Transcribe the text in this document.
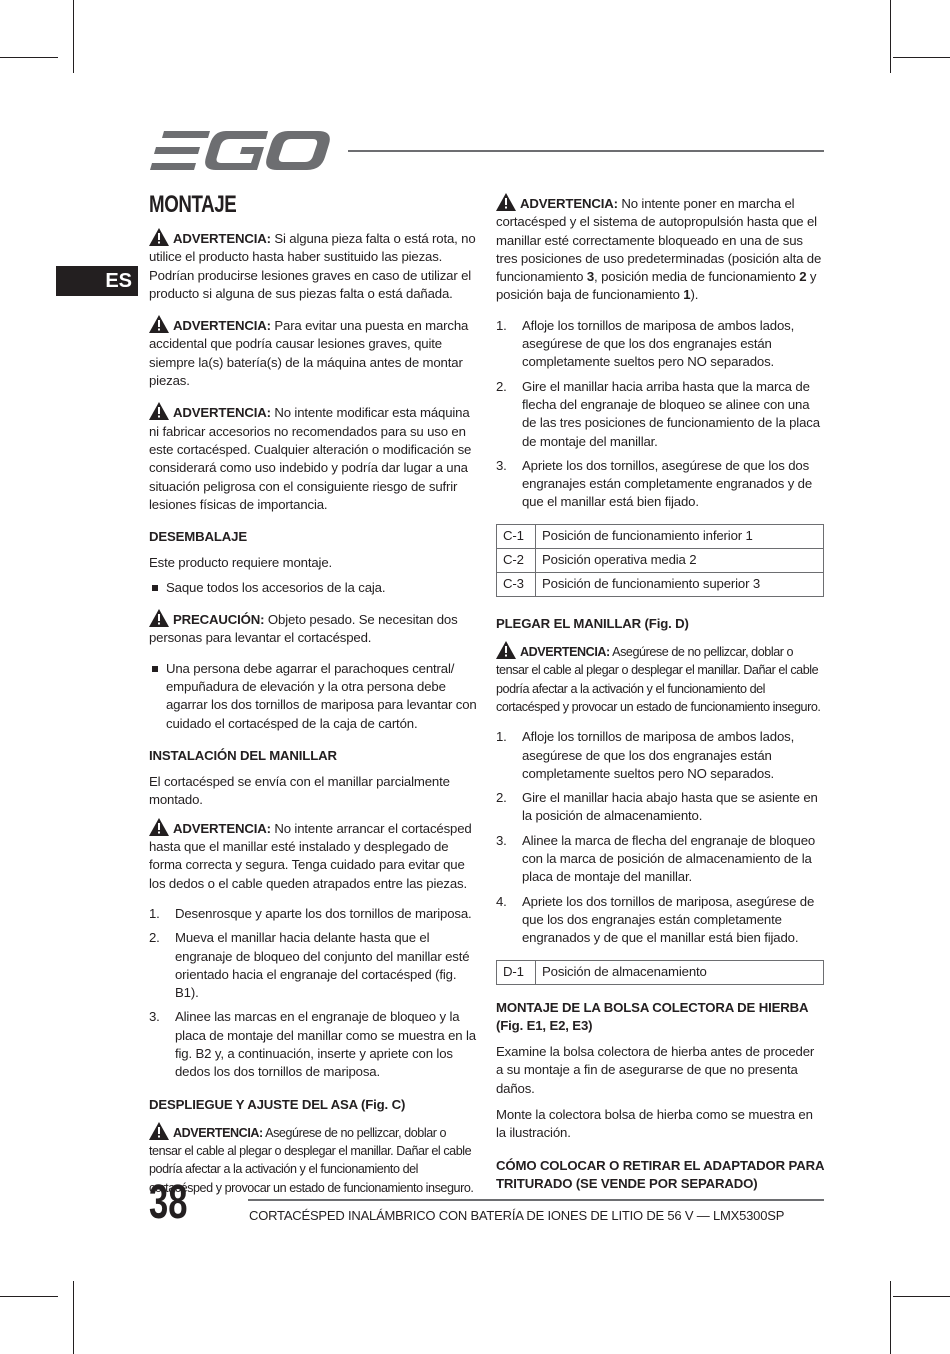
ES
MONTAJE

ADVERTENCIA: Si alguna pieza falta o está rota, no utilice el producto hasta haber sustituido las piezas. Podrían producirse lesiones graves en caso de utilizar el producto si alguna de sus piezas falta o está dañada.

ADVERTENCIA: Para evitar una puesta en marcha accidental que podría causar lesiones graves, quite siempre la(s) batería(s) de la máquina antes de montar piezas.

ADVERTENCIA: No intente modificar esta máquina ni fabricar accesorios no recomendados para su uso en este cortacésped. Cualquier alteración o modificación se considerará como uso indebido y podría dar lugar a una situación peligrosa con el consiguiente riesgo de sufrir lesiones físicas de importancia.

DESEMBALAJE

Este producto requiere montaje.

Saque todos los accesorios de la caja.

PRECAUCIÓN: Objeto pesado. Se necesitan dos personas para levantar el cortacésped.

Una persona debe agarrar el parachoques central/ empuñadura de elevación y la otra persona debe agarrar los dos tornillos de mariposa para levantar con cuidado el cortacésped de la caja de cartón.
INSTALACIÓN DEL MANILLAR

El cortacésped se envía con el manillar parcialmente montado.

ADVERTENCIA: No intente arrancar el cortacésped hasta que el manillar esté instalado y desplegado de forma correcta y segura. Tenga cuidado para evitar que los dedos o el cable queden atrapados entre las piezas.

1. Desenrosque y aparte los dos tornillos de mariposa.
2. Mueva el manillar hacia delante hasta que el engranaje de bloqueo del conjunto del manillar esté orientado hacia el engranaje del cortacésped (fig. B1).
3. Alinee las marcas en el engranaje de bloqueo y la placa de montaje del manillar como se muestra en la fig. B2 y, a continuación, inserte y apriete con los dedos los dos tornillos de mariposa.
DESPLIEGUE Y AJUSTE DEL ASA (Fig. C)

ADVERTENCIA: Asegúrese de no pellizcar, doblar o tensar el cable al plegar o desplegar el manillar. Dañar el cable podría afectar a la activación y el funcionamiento del cortacésped y provocar un estado de funcionamiento inseguro.

ADVERTENCIA: No intente poner en marcha el cortacésped y el sistema de autopropulsión hasta que el manillar esté correctamente bloqueado en una de sus tres posiciones de uso predeterminadas (posición alta de funcionamiento 3, posición media de funcionamiento 2 y posición baja de funcionamiento 1).

1. Afloje los tornillos de mariposa de ambos lados, asegúrese de que los dos engranajes están completamente sueltos pero NO separados.
2. Gire el manillar hacia arriba hasta que la marca de flecha del engranaje de bloqueo se alinee con una de las tres posiciones de funcionamiento de la placa de montaje del manillar.
3. Apriete los dos tornillos, asegúrese de que los dos engranajes están completamente engranados y de que el manillar está bien fijado.
C-1	Posición de funcionamiento inferior 1
C-2	Posición operativa media 2
C-3	Posición de funcionamiento superior 3
PLEGAR EL MANILLAR (Fig. D)

ADVERTENCIA: Asegúrese de no pellizcar, doblar o tensar el cable al plegar o desplegar el manillar. Dañar el cable podría afectar a la activación y el funcionamiento del cortacésped y provocar un estado de funcionamiento inseguro.

1. Afloje los tornillos de mariposa de ambos lados, asegúrese de que los dos engranajes están completamente sueltos pero NO separados.
2. Gire el manillar hacia abajo hasta que se asiente en la posición de almacenamiento.
3. Alinee la marca de flecha del engranaje de bloqueo con la marca de posición de almacenamiento de la placa de montaje del manillar.
4. Apriete los dos tornillos de mariposa, asegúrese de que los dos engranajes están completamente engranados y de que el manillar está bien fijado.
D-1	Posición de almacenamiento
MONTAJE DE LA BOLSA COLECTORA DE HIERBA (Fig. E1, E2, E3)

Examine la bolsa colectora de hierba antes de proceder a su montaje a fin de asegurarse de que no presenta daños.

Monte la colectora bolsa de hierba como se muestra en la ilustración.

CÓMO COLOCAR O RETIRAR EL ADAPTADOR PARA TRITURADO (SE VENDE POR SEPARADO)
38	CORTACÉSPED INALÁMBRICO CON BATERÍA DE IONES DE LITIO DE 56 V — LMX5300SP
